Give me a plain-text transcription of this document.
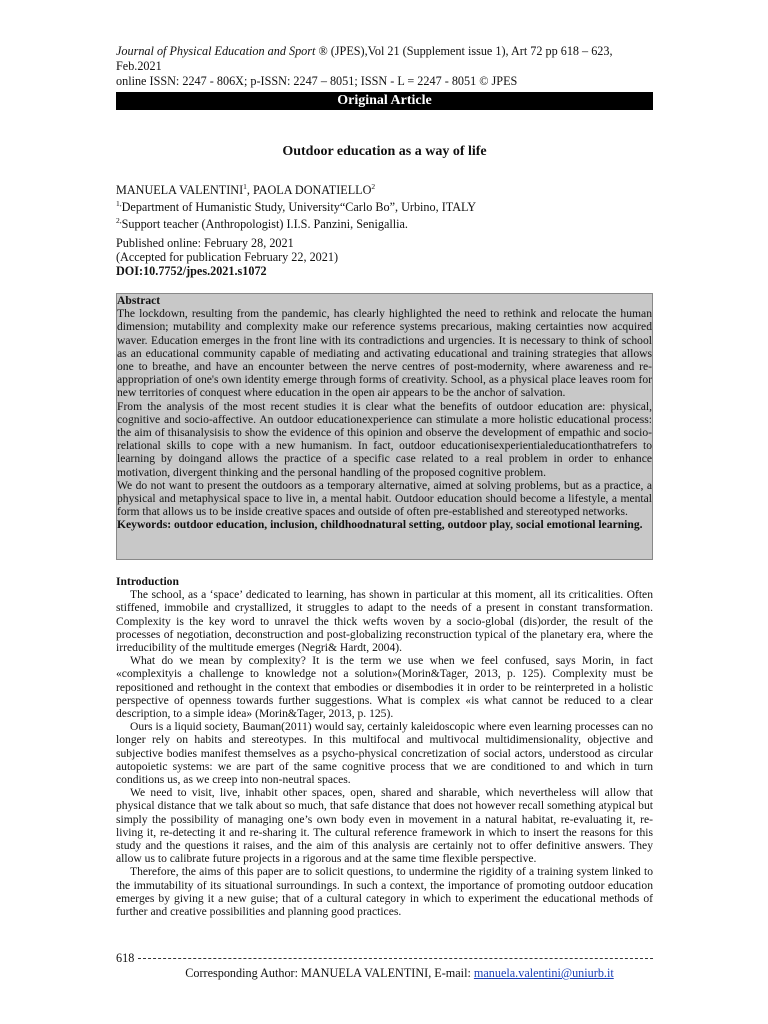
Journal of Physical Education and Sport ® (JPES),Vol 21 (Supplement issue 1), Art 72 pp 618 – 623, Feb.2021
online ISSN: 2247 - 806X; p-ISSN: 2247 – 8051; ISSN - L = 2247 - 8051 © JPES
Original Article
Outdoor education as a way of life
MANUELA VALENTINI$^1$, PAOLA DONATIELLO$^2$
$^{1,}$Department of Humanistic Study, University“Carlo Bo”, Urbino, ITALY
$^{2,}$Support teacher (Anthropologist) I.I.S. Panzini, Senigallia.
Published online: February 28, 2021
(Accepted for publication February 22, 2021)
DOI:10.7752/jpes.2021.s1072
Abstract

The lockdown, resulting from the pandemic, has clearly highlighted the need to rethink and relocate the human dimension; mutability and complexity make our reference systems precarious, making certainties now acquired waver. Education emerges in the front line with its contradictions and urgencies. It is necessary to think of school as an educational community capable of mediating and activating educational and training strategies that allows one to breathe, and have an encounter between the nerve centres of post-modernity, where awareness and re-appropriation of one's own identity emerge through forms of creativity. School, as a physical place leaves room for new territories of conquest where education in the open air appears to be the anchor of salvation.

From the analysis of the most recent studies it is clear what the benefits of outdoor education are: physical, cognitive and socio-affective. An outdoor educationexperience can stimulate a more holistic educational process: the aim of thisanalysisis to show the evidence of this opinion and observe the development of empathic and socio-relational skills to cope with a new humanism. In fact, outdoor educationisexperientialeducationthatrefers to learning by doingand allows the practice of a specific case related to a real problem in order to enhance motivation, divergent thinking and the personal handling of the proposed cognitive problem.

We do not want to present the outdoors as a temporary alternative, aimed at solving problems, but as a practice, a physical and metaphysical space to live in, a mental habit. Outdoor education should become a lifestyle, a mental form that allows us to be inside creative spaces and outside of often pre-established and stereotyped networks.

Keywords: outdoor education, inclusion, childhoodnatural setting, outdoor play, social emotional learning.
Introduction

The school, as a ‘space’ dedicated to learning, has shown in particular at this moment, all its criticalities. Often stiffened, immobile and crystallized, it struggles to adapt to the needs of a present in constant transformation. Complexity is the key word to unravel the thick wefts woven by a socio-global (dis)order, the result of the processes of negotiation, deconstruction and post-globalizing reconstruction typical of the planetary era, where the irreducibility of the multitude emerges (Negri& Hardt, 2004).

What do we mean by complexity? It is the term we use when we feel confused, says Morin, in fact «complexityis a challenge to knowledge not a solution»(Morin&Tager, 2013, p. 125). Complexity must be repositioned and rethought in the context that embodies or disembodies it in order to be reinterpreted in a holistic perspective of openness towards further suggestions. What is complex «is what cannot be reduced to a clear description, to a simple idea» (Morin&Tager, 2013, p. 125).

Ours is a liquid society, Bauman(2011) would say, certainly kaleidoscopic where even learning processes can no longer rely on habits and stereotypes. In this multifocal and multivocal multidimensionality, objective and subjective bodies manifest themselves as a psycho-physical concretization of social actors, understood as circular autopoietic systems: we are part of the same cognitive process that we are conditioned to and which in turn conditions us, as we creep into non-neutral spaces.

We need to visit, live, inhabit other spaces, open, shared and sharable, which nevertheless will allow that physical distance that we talk about so much, that safe distance that does not however recall something atypical but simply the possibility of managing one’s own body even in movement in a natural habitat, re-evaluating it, re-living it, re-detecting it and re-sharing it. The cultural reference framework in which to insert the reasons for this study and the questions it raises, and the aim of this analysis are certainly not to offer definitive answers. They allow us to calibrate future projects in a rigorous and at the same time flexible perspective.

Therefore, the aims of this paper are to solicit questions, to undermine the rigidity of a training system linked to the immutability of its situational surroundings. In such a context, the importance of promoting outdoor education emerges by giving it a new guise; that of a cultural category in which to experiment the educational methods of further and creative possibilities and planning good practices.

618
Corresponding Author: MANUELA VALENTINI, E-mail: manuela.valentini@uniurb.it
